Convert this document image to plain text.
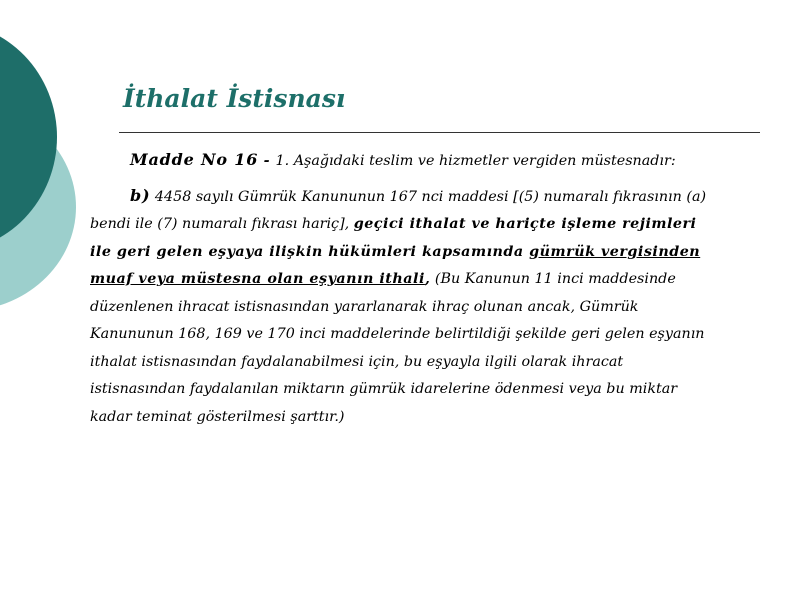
İthalat İstisnası

Madde No 16 - 1. Aşağıdaki teslim ve hizmetler vergiden müstesnadır:

b) 4458 sayılı Gümrük Kanununun 167 nci maddesi [(5) numaralı fıkrasının (a) bendi ile (7) numaralı fıkrası hariç], geçici ithalat ve hariçte işleme rejimleri ile geri gelen eşyaya ilişkin hükümleri kapsamında gümrük vergisinden muaf veya müstesna olan eşyanın ithali, (Bu Kanunun 11 inci maddesinde düzenlenen ihracat istisnasından yararlanarak ihraç olunan ancak, Gümrük Kanununun 168, 169 ve 170 inci maddelerinde belirtildiği şekilde geri gelen eşyanın ithalat istisnasından faydalanabilmesi için, bu eşyayla ilgili olarak ihracat istisnasından faydalanılan miktarın gümrük idarelerine ödenmesi veya bu miktar kadar teminat gösterilmesi şarttır.)
